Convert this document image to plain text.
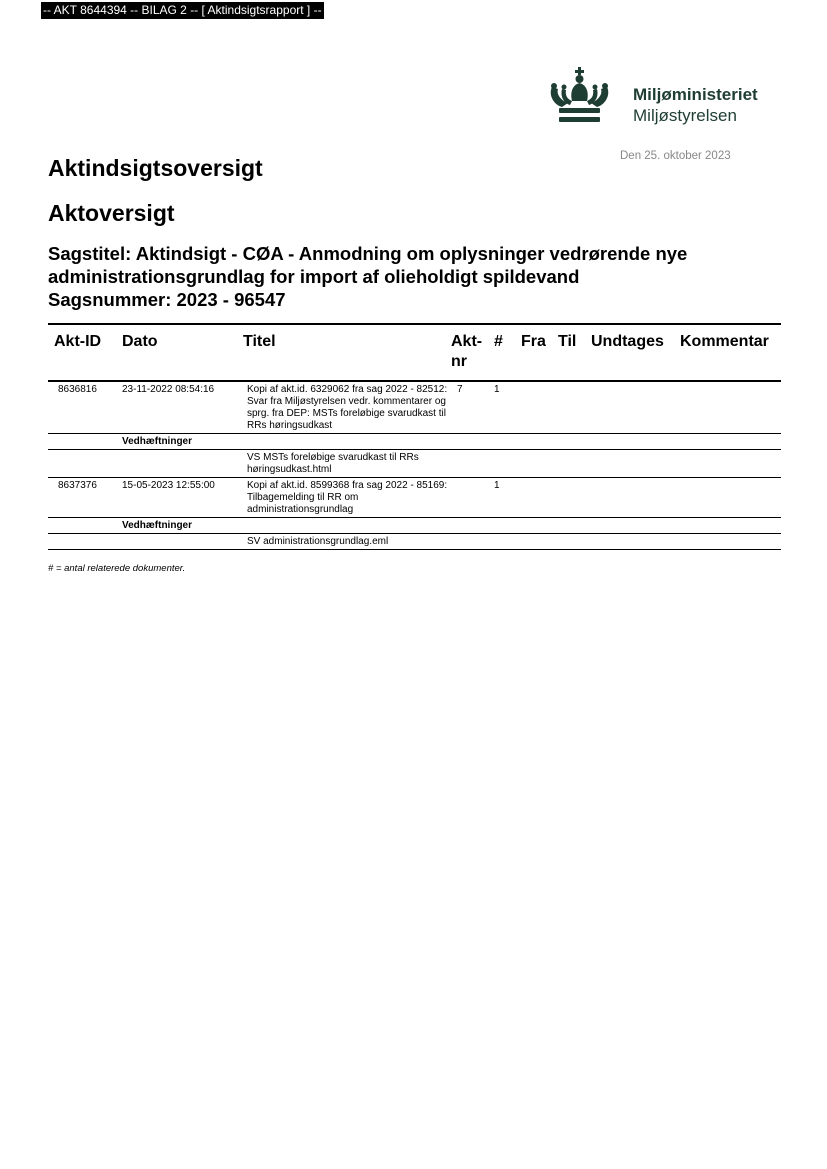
-- AKT 8644394 -- BILAG 2 -- [ Aktindsigtsrapport ] --
Miljøministeriet
Miljøstyrelsen
Den 25. oktober 2023
Aktindsigtsoversigt
Aktoversigt
Sagstitel: Aktindsigt - CØA - Anmodning om oplysninger vedrørende nye
administrationsgrundlag for import af olieholdigt spildevand
Sagsnummer: 2023 - 96547
Akt-ID	Dato	Titel	Akt-nr	#	Fra	Til	Undtages	Kommentar
8636816	23-11-2022 08:54:16	Kopi af akt.id. 6329062 fra sag 2022 - 82512: Svar fra Miljøstyrelsen vedr. kommentarer og sprg. fra DEP: MSTs foreløbige svarudkast til RRs høringsudkast	7	1				
	Vedhæftninger							
		VS MSTs foreløbige svarudkast til RRs høringsudkast.html						
8637376	15-05-2023 12:55:00	Kopi af akt.id. 8599368 fra sag 2022 - 85169: Tilbagemelding til RR om administrationsgrundlag		1				
	Vedhæftninger							
		SV administrationsgrundlag.eml						
# = antal relaterede dokumenter.
